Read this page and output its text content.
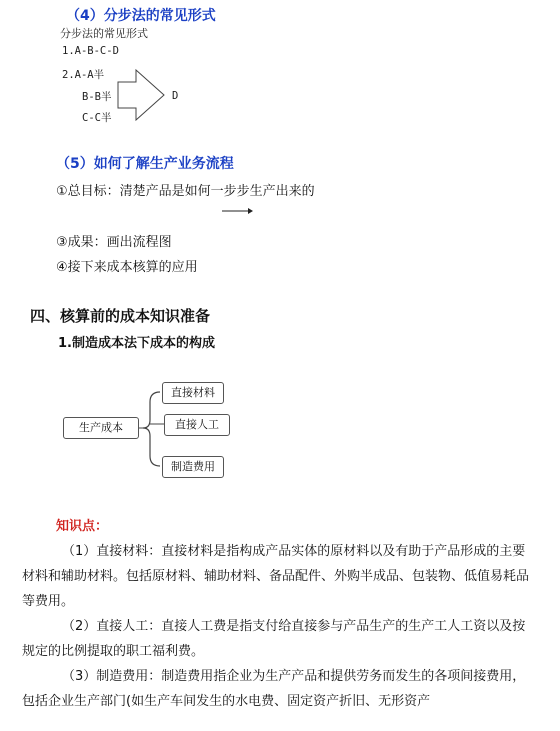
（4）分步法的常见形式
分步法的常见形式
1.A-B-C-D
2.A-A半
B-B半
C-C半
D
（5）如何了解生产业务流程
①总目标：清楚产品是如何一步步生产出来的
③成果：画出流程图
④接下来成本核算的应用
四、核算前的成本知识准备
1.制造成本法下成本的构成
生产成本
直接材料
直接人工
制造费用
知识点：
（1）直接材料：直接材料是指构成产品实体的原材料以及有助于产品形成的主要材料和辅助材料。包括原材料、辅助材料、备品配件、外购半成品、包装物、低值易耗品等费用。
（2）直接人工：直接人工费是指支付给直接参与产品生产的生产工人工资以及按规定的比例提取的职工福利费。
（3）制造费用：制造费用指企业为生产产品和提供劳务而发生的各项间接费用，包括企业生产部门(如生产车间发生的水电费、固定资产折旧、无形资产
